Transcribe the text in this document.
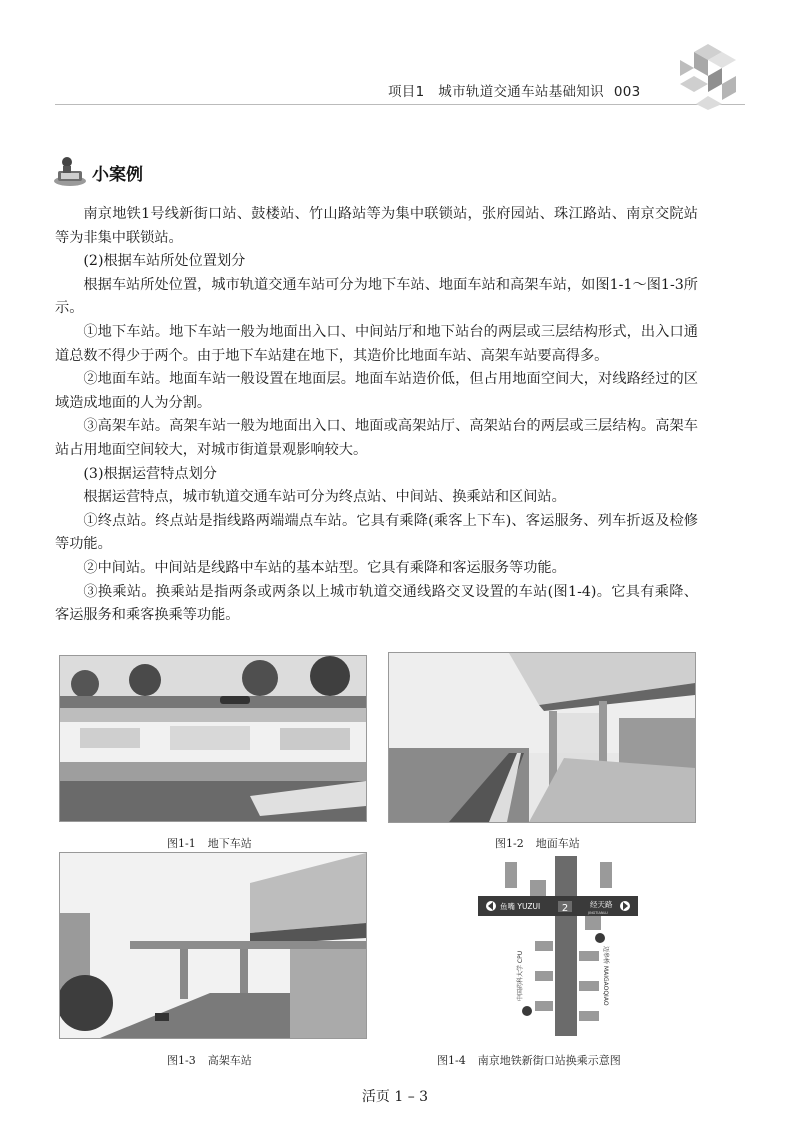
项目1　城市轨道交通车站基础知识 003
小案例

南京地铁1号线新街口站、鼓楼站、竹山路站等为集中联锁站，张府园站、珠江路站、南京交院站等为非集中联锁站。

(2)根据车站所处位置划分

根据车站所处位置，城市轨道交通车站可分为地下车站、地面车站和高架车站，如图1-1～图1-3所示。

①地下车站。地下车站一般为地面出入口、中间站厅和地下站台的两层或三层结构形式，出入口通道总数不得少于两个。由于地下车站建在地下，其造价比地面车站、高架车站要高得多。

②地面车站。地面车站一般设置在地面层。地面车站造价低，但占用地面空间大，对线路经过的区域造成地面的人为分割。

③高架车站。高架车站一般为地面出入口、地面或高架站厅、高架站台的两层或三层结构。高架车站占用地面空间较大，对城市街道景观影响较大。

(3)根据运营特点划分

根据运营特点，城市轨道交通车站可分为终点站、中间站、换乘站和区间站。

①终点站。终点站是指线路两端端点车站。它具有乘降(乘客上下车)、客运服务、列车折返及检修等功能。

②中间站。中间站是线路中车站的基本站型。它具有乘降和客运服务等功能。

③换乘站。换乘站是指两条或两条以上城市轨道交通线路交叉设置的车站(图1-4)。它具有乘降、客运服务和乘客换乘等功能。

图1-1 地下车站	图1-2 地面车站
图1-3 高架车站
2
鱼嘴 YUZUI	经天路
JINGTIANLU
中国药科大学 CPU	迈皋桥 MAIGAOQIAO
图1-4 南京地铁新街口站换乘示意图
活页 1 – 3
